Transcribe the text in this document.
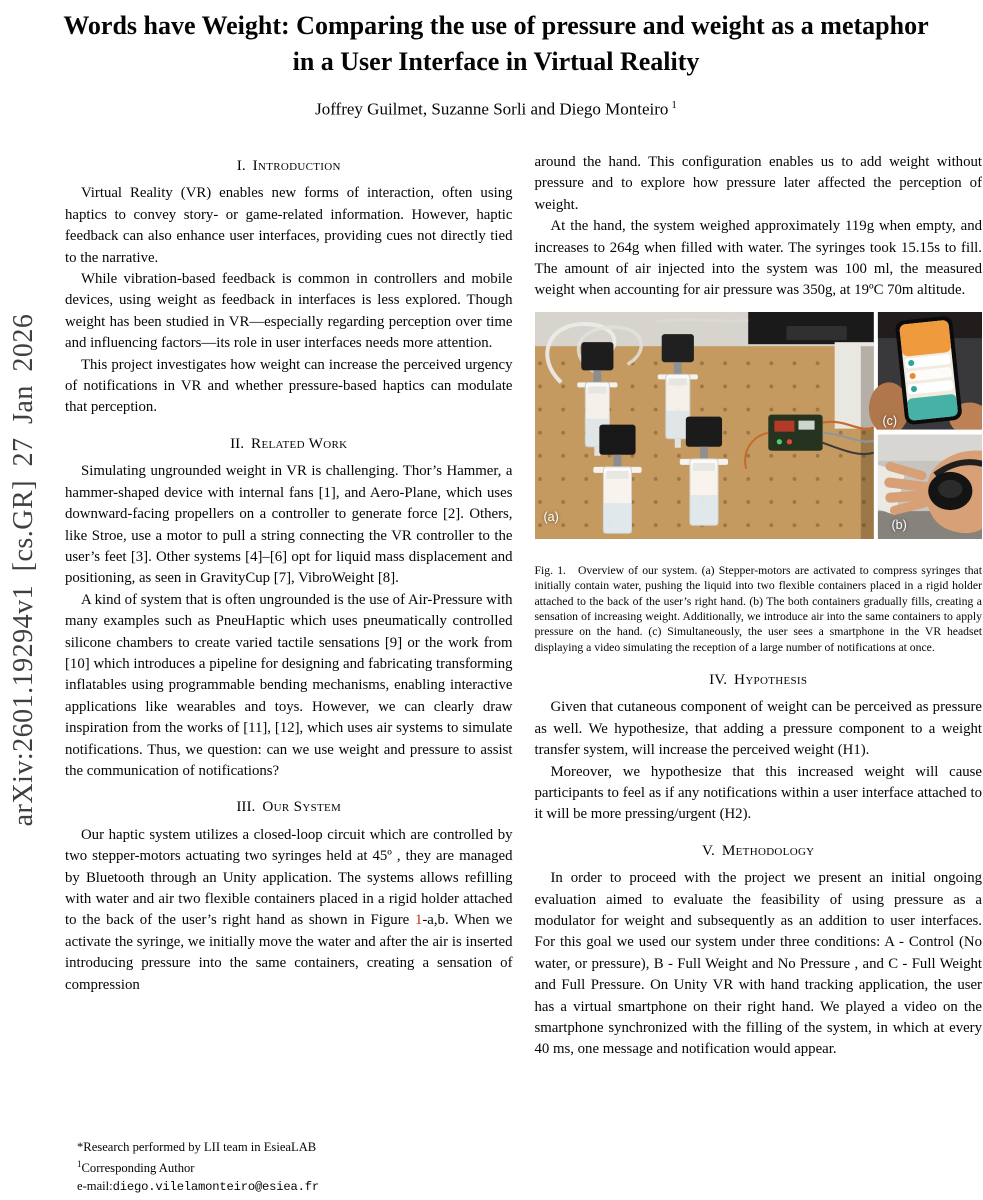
arXiv:2601.19294v1 [cs.GR] 27 Jan 2026
Words have Weight: Comparing the use of pressure and weight as a metaphor in a User Interface in Virtual Reality
Joffrey Guilmet, Suzanne Sorli and Diego Monteiro $^1$
I. Introduction

Virtual Reality (VR) enables new forms of interaction, often using haptics to convey story- or game-related information. However, haptic feedback can also enhance user interfaces, providing cues not directly tied to the narrative.

While vibration-based feedback is common in controllers and mobile devices, using weight as feedback in interfaces is less explored. Though weight has been studied in VR—especially regarding perception over time and influencing factors—its role in user interfaces needs more attention.

This project investigates how weight can increase the perceived urgency of notifications in VR and whether pressure-based haptics can modulate that perception.

II. Related Work

Simulating ungrounded weight in VR is challenging. Thor’s Hammer, a hammer-shaped device with internal fans [1], and Aero-Plane, which uses downward-facing propellers on a controller to generate force [2]. Others, like Stroe, use a motor to pull a string connecting the VR controller to the user’s feet [3]. Other systems [4]–[6] opt for liquid mass displacement and positioning, as seen in GravityCup [7], VibroWeight [8].

A kind of system that is often ungrounded is the use of Air-Pressure with many examples such as PneuHaptic which uses pneumatically controlled silicone chambers to create varied tactile sensations [9] or the work from [10] which introduces a pipeline for designing and fabricating transforming inflatables using programmable bending mechanisms, enabling interactive applications like wearables and toys. However, we can clearly draw inspiration from the works of [11], [12], which uses air systems to simulate notifications. Thus, we question: can we use weight and pressure to assist the communication of notifications?

III. Our System

Our haptic system utilizes a closed-loop circuit which are controlled by two stepper-motors actuating two syringes held at 45º , they are managed by Bluetooth through an Unity application. The systems allows refilling with water and air two flexible containers placed in a rigid holder attached to the back of the user’s right hand as shown in Figure 1-a,b. When we activate the syringe, we initially move the water and after the air is inserted introducing pressure into the same containers, creating a sensation of compression

*Research performed by LII team in EsieaLAB
$^1$Corresponding Author
e-mail:diego.vilelamonteiro@esiea.fr

around the hand. This configuration enables us to add weight without pressure and to explore how pressure later affected the perception of weight.

At the hand, the system weighed approximately 119g when empty, and increases to 264g when filled with water. The syringes took 15.15s to fill. The amount of air injected into the system was 100 ml, the measured weight when accounting for air pressure was 350g, at 19ºC 70m altitude.

(a)
(c)
(b)
Fig. 1. Overview of our system. (a) Stepper-motors are activated to compress syringes that initially contain water, pushing the liquid into two flexible containers placed in a rigid holder attached to the back of the user’s right hand. (b) The both containers gradually fills, creating a sensation of increasing weight. Additionally, we introduce air into the same containers to apply pressure on the hand. (c) Simultaneously, the user sees a smartphone in the VR headset displaying a video simulating the reception of a large number of notifications at once.
IV. Hypothesis

Given that cutaneous component of weight can be perceived as pressure as well. We hypothesize, that adding a pressure component to a weight transfer system, will increase the perceived weight (H1).

Moreover, we hypothesize that this increased weight will cause participants to feel as if any notifications within a user interface attached to it will be more pressing/urgent (H2).

V. Methodology

In order to proceed with the project we present an initial ongoing evaluation aimed to evaluate the feasibility of using pressure as a modulator for weight and subsequently as an addition to user interfaces. For this goal we used our system under three conditions: A - Control (No water, or pressure), B - Full Weight and No Pressure , and C - Full Weight and Full Pressure. On Unity VR with hand tracking application, the user has a virtual smartphone on their right hand. We played a video on the smartphone synchronized with the filling of the system, in which at every 40 ms, one message and notification would appear.
